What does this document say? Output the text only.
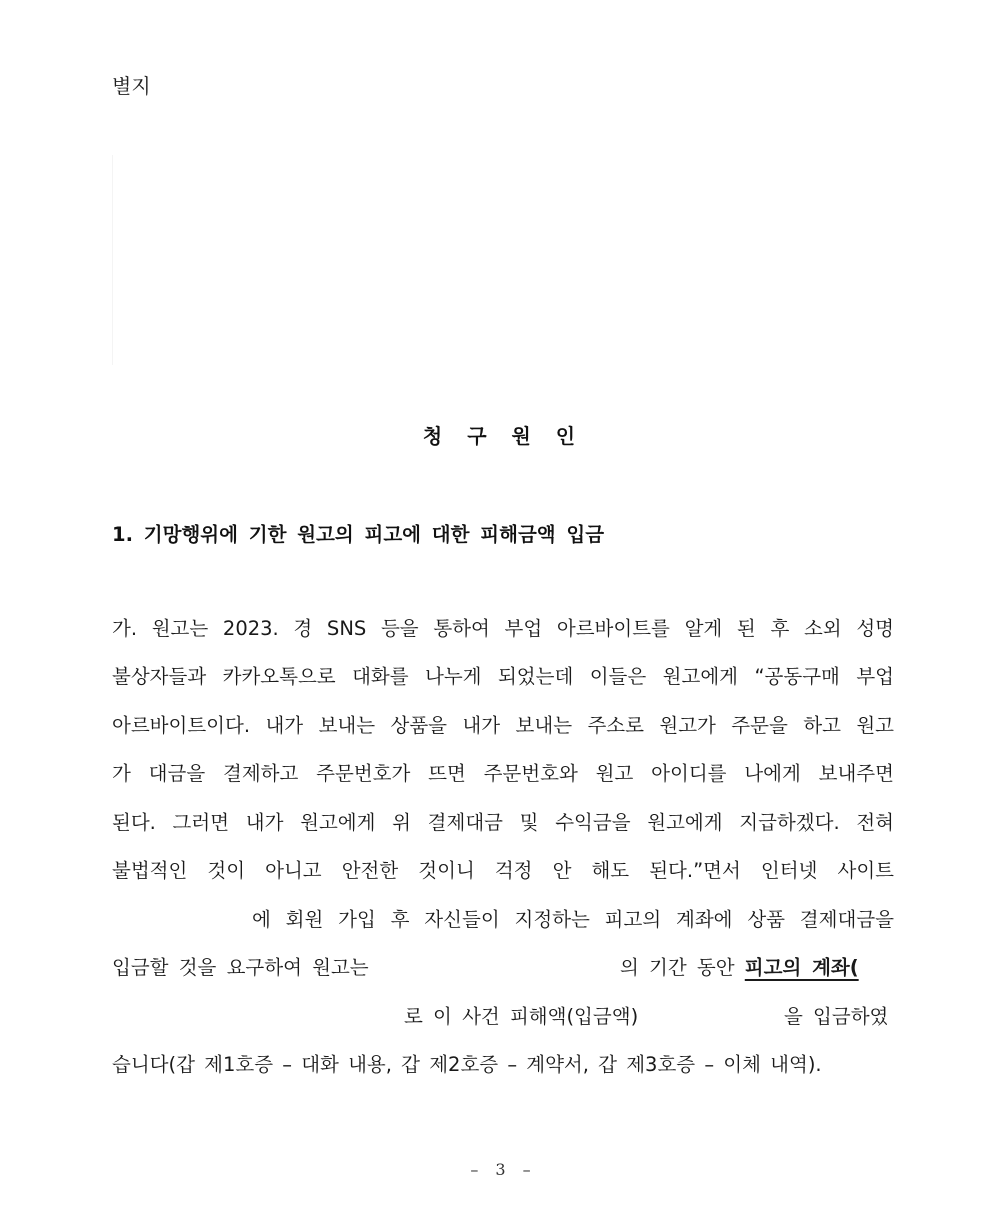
별지
청 구 원 인
1. 기망행위에 기한 원고의 피고에 대한 피해금액 입금
가. 원고는 2023. 경 SNS 등을 통하여 부업 아르바이트를 알게 된 후 소외 성명
불상자들과 카카오톡으로 대화를 나누게 되었는데 이들은 원고에게 “공동구매 부업
아르바이트이다. 내가 보내는 상품을 내가 보내는 주소로 원고가 주문을 하고 원고
가 대금을 결제하고 주문번호가 뜨면 주문번호와 원고 아이디를 나에게 보내주면
된다. 그러면 내가 원고에게 위 결제대금 및 수익금을 원고에게 지급하겠다. 전혀
불법적인 것이 아니고 안전한 것이니 걱정 안 해도 된다.”면서 인터넷 사이트
에 회원 가입 후 자신들이 지정하는 피고의 계좌에 상품 결제대금을
입금할 것을 요구하여 원고는	의 기간 동안 피고의 계좌(
로 이 사건 피해액(입금액)	을 입금하였
습니다(갑 제1호증 – 대화 내용, 갑 제2호증 – 계약서, 갑 제3호증 – 이체 내역).
– 3 –
